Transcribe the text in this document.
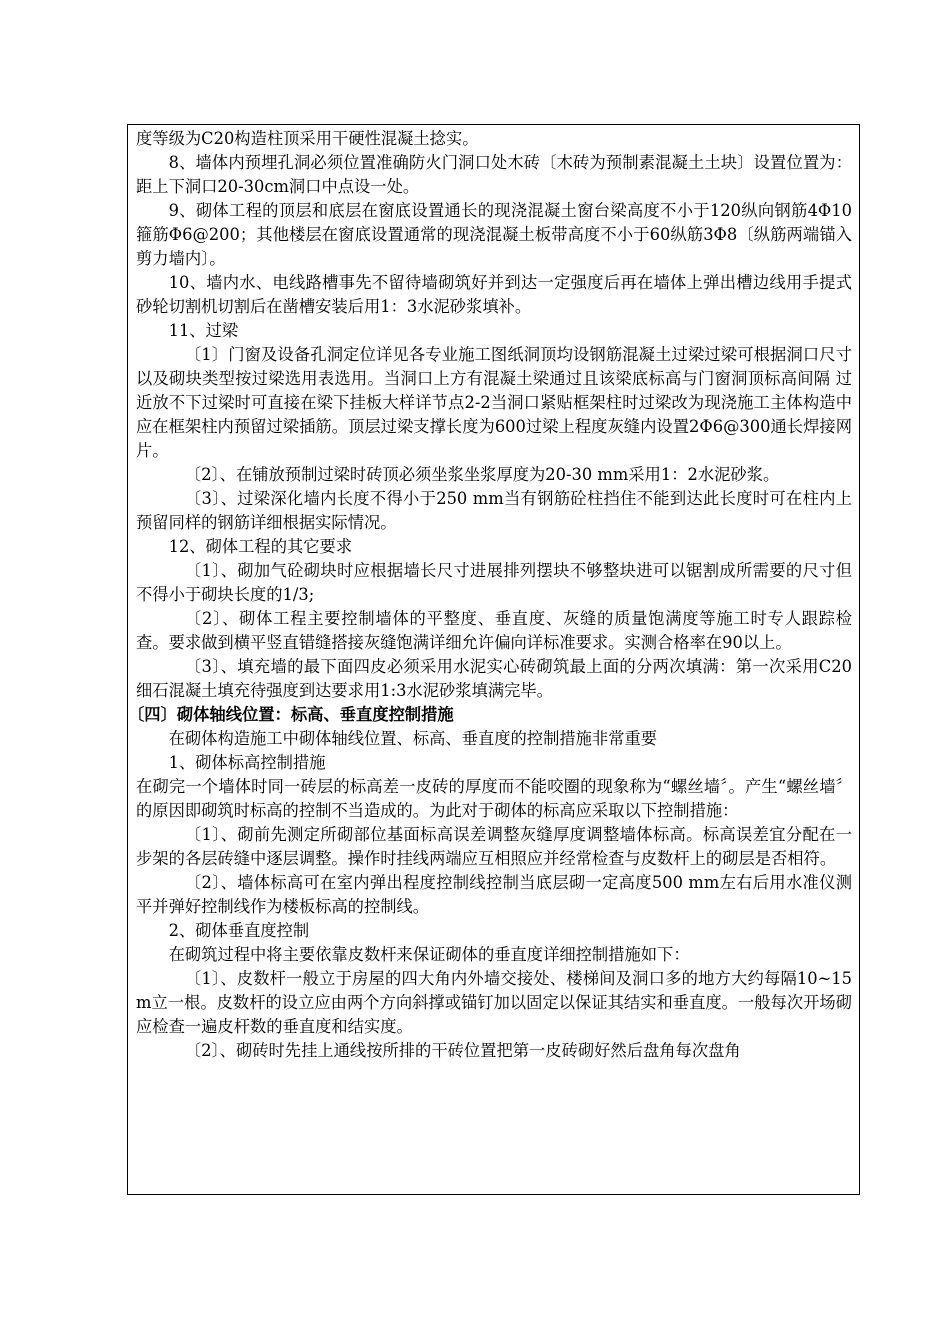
度等级为C20构造柱顶采用干硬性混凝土捻实。

8、墙体内预埋孔洞必须位置准确防火门洞口处木砖〔木砖为预制素混凝土土块〕设置位置为：距上下洞口20-30cm洞口中点设一处。

9、砌体工程的顶层和底层在窗底设置通长的现浇混凝土窗台梁高度不小于120纵向钢筋4Φ10箍筋Φ6@200；其他楼层在窗底设置通常的现浇混凝土板带高度不小于60纵筋3Φ8〔纵筋两端锚入剪力墙内〕。

10、墙内水、电线路槽事先不留待墙砌筑好并到达一定强度后再在墙体上弹出槽边线用手提式砂轮切割机切割后在凿槽安装后用1：3水泥砂浆填补。

11、过梁

〔1〕门窗及设备孔洞定位详见各专业施工图纸洞顶均设钢筋混凝土过梁过梁可根据洞口尺寸以及砌块类型按过梁选用表选用。当洞口上方有混凝土梁通过且该梁底标高与门窗洞顶标高间隔 过近放不下过梁时可直接在梁下挂板大样详节点2-2当洞口紧贴框架柱时过梁改为现浇施工主体构造中应在框架柱内预留过梁插筋。顶层过梁支撑长度为600过梁上程度灰缝内设置2Φ6@300通长焊接网片。

〔2〕、在铺放预制过梁时砖顶必须坐浆坐浆厚度为20-30 mm采用1：2水泥砂浆。

〔3〕、过梁深化墙内长度不得小于250 mm当有钢筋砼柱挡住不能到达此长度时可在柱内上预留同样的钢筋详细根据实际情况。

12、砌体工程的其它要求

〔1〕、砌加气砼砌块时应根据墙长尺寸进展排列摆块不够整块进可以锯割成所需要的尺寸但不得小于砌块长度的1/3;

〔2〕、砌体工程主要控制墙体的平整度、垂直度、灰缝的质量饱满度等施工时专人跟踪检查。要求做到横平竖直错缝搭接灰缝饱满详细允许偏向详标准要求。实测合格率在90以上。

〔3〕、填充墙的最下面四皮必须采用水泥实心砖砌筑最上面的分两次填满：第一次采用C20细石混凝土填充待强度到达要求用1:3水泥砂浆填满完毕。

〔四〕砌体轴线位置：标高、垂直度控制措施

在砌体构造施工中砌体轴线位置、标高、垂直度的控制措施非常重要

1、砌体标高控制措施

在砌完一个墙体时同一砖层的标高差一皮砖的厚度而不能咬圈的现象称为“螺丝墙〞。产生“螺丝墙〞的原因即砌筑时标高的控制不当造成的。为此对于砌体的标高应采取以下控制措施：

〔1〕、砌前先测定所砌部位基面标高误差调整灰缝厚度调整墙体标高。标高误差宜分配在一步架的各层砖缝中逐层调整。操作时挂线两端应互相照应并经常检查与皮数杆上的砌层是否相符。

〔2〕、墙体标高可在室内弹出程度控制线控制当底层砌一定高度500 mm左右后用水准仪测平并弹好控制线作为楼板标高的控制线。

2、砌体垂直度控制

在砌筑过程中将主要依靠皮数杆来保证砌体的垂直度详细控制措施如下：

〔1〕、皮数杆一般立于房屋的四大角内外墙交接处、楼梯间及洞口多的地方大约每隔10~15 m立一根。皮数杆的设立应由两个方向斜撑或锚钉加以固定以保证其结实和垂直度。一般每次开场砌应检查一遍皮杆数的垂直度和结实度。

〔2〕、砌砖时先挂上通线按所排的干砖位置把第一皮砖砌好然后盘角每次盘角
